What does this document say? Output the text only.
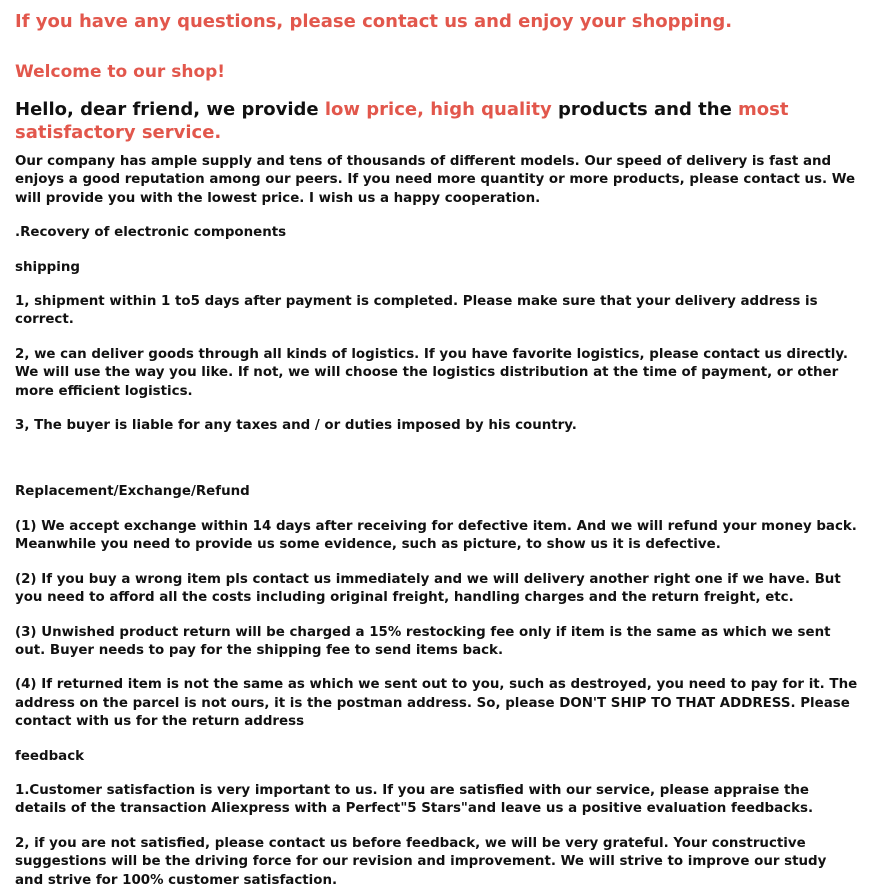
If you have any questions, please contact us and enjoy your shopping.

Welcome to our shop!

Hello, dear friend, we provide low price, high quality products and the most satisfactory service.

Our company has ample supply and tens of thousands of different models. Our speed of delivery is fast and enjoys a good reputation among our peers. If you need more quantity or more products, please contact us. We will provide you with the lowest price. I wish us a happy cooperation.

.Recovery of electronic components

shipping

1, shipment within 1 to5 days after payment is completed. Please make sure that your delivery address is correct.

2, we can deliver goods through all kinds of logistics. If you have favorite logistics, please contact us directly. We will use the way you like. If not, we will choose the logistics distribution at the time of payment, or other more efficient logistics.

3, The buyer is liable for any taxes and / or duties imposed by his country.

Replacement/Exchange/Refund

(1) We accept exchange within 14 days after receiving for defective item. And we will refund your money back. Meanwhile you need to provide us some evidence, such as picture, to show us it is defective.

(2) If you buy a wrong item pls contact us immediately and we will delivery another right one if we have. But you need to afford all the costs including original freight, handling charges and the return freight, etc.

(3) Unwished product return will be charged a 15% restocking fee only if item is the same as which we sent out. Buyer needs to pay for the shipping fee to send items back.

(4) If returned item is not the same as which we sent out to you, such as destroyed, you need to pay for it. The address on the parcel is not ours, it is the postman address. So, please DON'T SHIP TO THAT ADDRESS. Please contact with us for the return address

feedback

1.Customer satisfaction is very important to us. If you are satisfied with our service, please appraise the details of the transaction Aliexpress with a Perfect"5 Stars"and leave us a positive evaluation feedbacks.

2, if you are not satisfied, please contact us before feedback, we will be very grateful. Your constructive suggestions will be the driving force for our revision and improvement. We will strive to improve our study and strive for 100% customer satisfaction.
